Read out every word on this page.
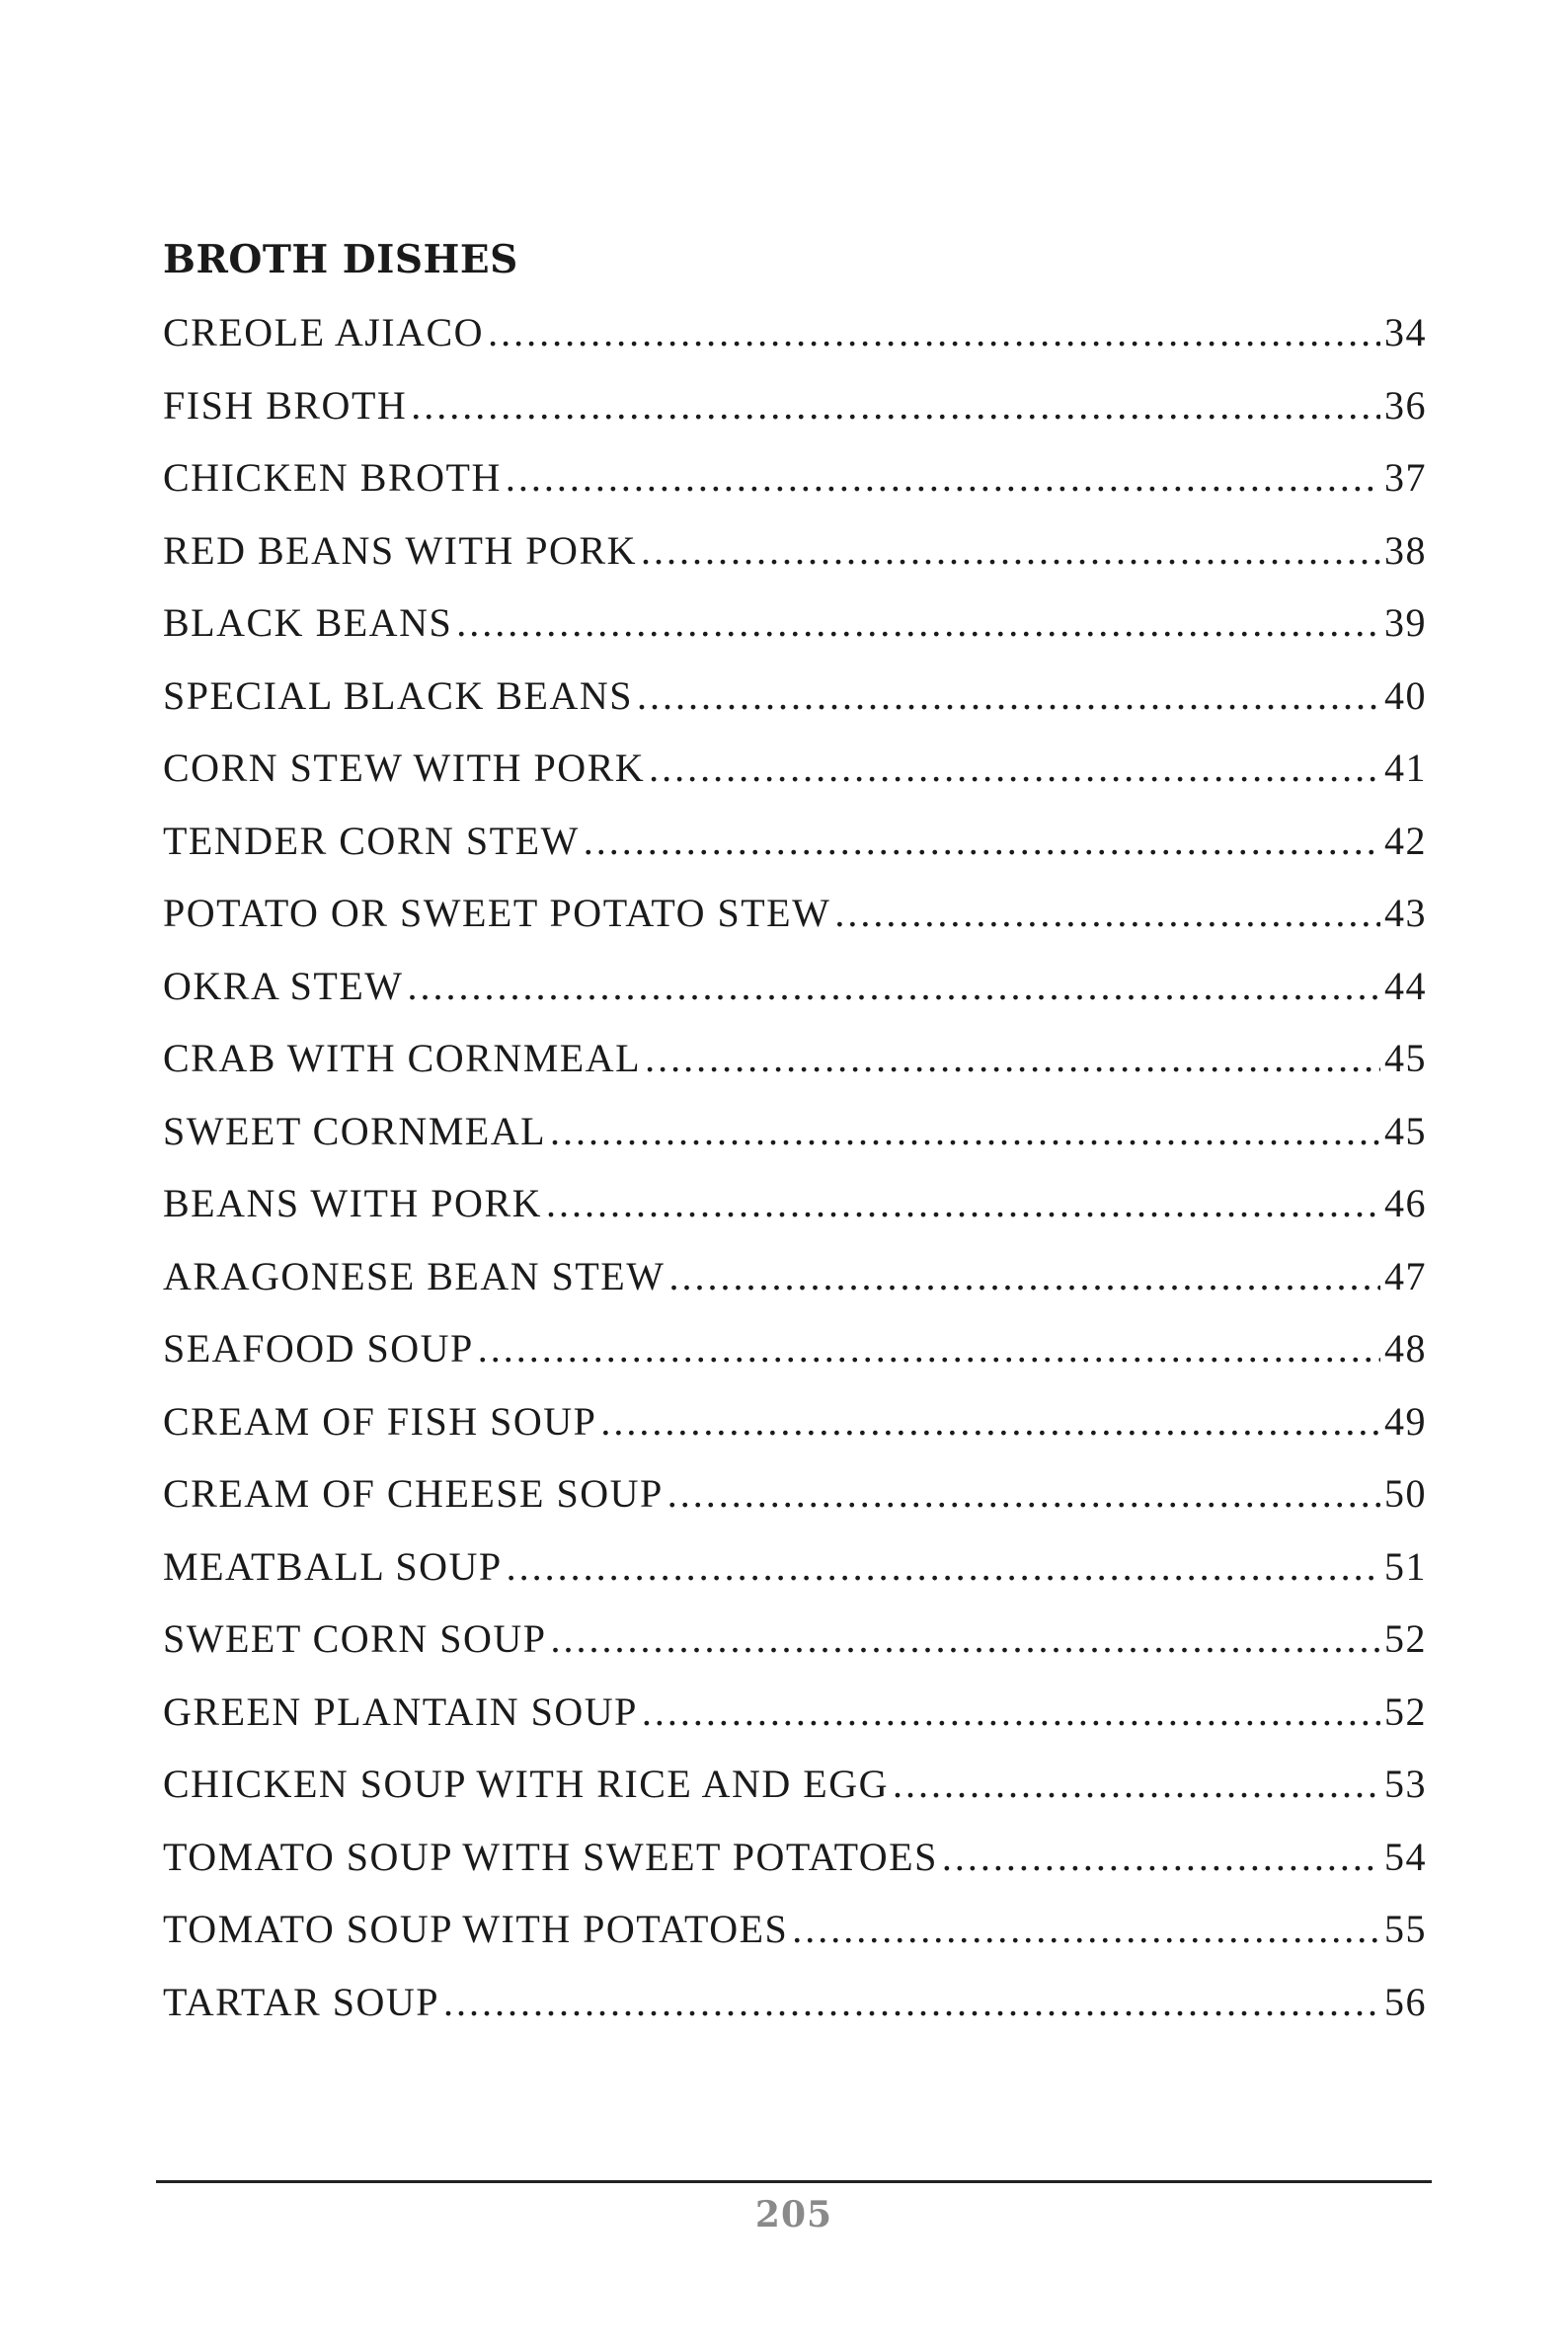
BROTH DISHES
CREOLE AJIACO .....	34
FISH BROTH .....	36
CHICKEN BROTH .....	37
RED BEANS WITH PORK .....	38
BLACK BEANS .....	39
SPECIAL BLACK BEANS .....	40
CORN STEW WITH PORK .....	41
TENDER CORN STEW .....	42
POTATO OR SWEET POTATO STEW .....	43
OKRA STEW .....	44
CRAB WITH CORNMEAL .....	45
SWEET CORNMEAL .....	45
BEANS WITH PORK .....	46
ARAGONESE BEAN STEW .....	47
SEAFOOD SOUP .....	48
CREAM OF FISH SOUP .....	49
CREAM OF CHEESE SOUP .....	50
MEATBALL SOUP .....	51
SWEET CORN SOUP .....	52
GREEN PLANTAIN SOUP .....	52
CHICKEN SOUP WITH RICE AND EGG .....	53
TOMATO SOUP WITH SWEET POTATOES .....	54
TOMATO SOUP WITH POTATOES .....	55
TARTAR SOUP .....	56
205
